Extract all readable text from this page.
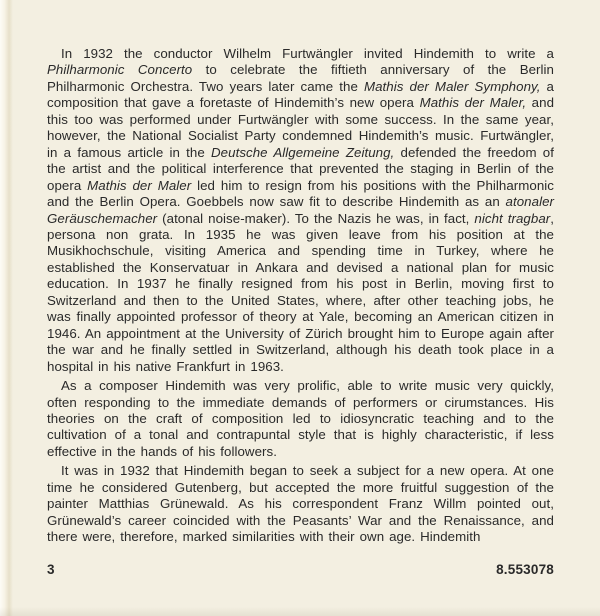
In 1932 the conductor Wilhelm Furtwängler invited Hindemith to write a Philharmonic Concerto to celebrate the fiftieth anniversary of the Berlin Philharmonic Orchestra. Two years later came the Mathis der Maler Symphony, a composition that gave a foretaste of Hindemith’s new opera Mathis der Maler, and this too was performed under Furtwängler with some success. In the same year, however, the National Socialist Party condemned Hindemith’s music. Furtwängler, in a famous article in the Deutsche Allgemeine Zeitung, defended the freedom of the artist and the political interference that prevented the staging in Berlin of the opera Mathis der Maler led him to resign from his positions with the Philharmonic and the Berlin Opera. Goebbels now saw fit to describe Hindemith as an atonaler Geräuschemacher (atonal noise-maker). To the Nazis he was, in fact, nicht tragbar, persona non grata. In 1935 he was given leave from his position at the Musikhochschule, visiting America and spending time in Turkey, where he established the Konservatuar in Ankara and devised a national plan for music education. In 1937 he finally resigned from his post in Berlin, moving first to Switzerland and then to the United States, where, after other teaching jobs, he was finally appointed professor of theory at Yale, becoming an American citizen in 1946. An appointment at the University of Zürich brought him to Europe again after the war and he finally settled in Switzerland, although his death took place in a hospital in his native Frankfurt in 1963.

As a composer Hindemith was very prolific, able to write music very quickly, often responding to the immediate demands of performers or cirumstances. His theories on the craft of composition led to idiosyncratic teaching and to the cultivation of a tonal and contrapuntal style that is highly characteristic, if less effective in the hands of his followers.

It was in 1932 that Hindemith began to seek a subject for a new opera. At one time he considered Gutenberg, but accepted the more fruitful suggestion of the painter Matthias Grünewald. As his correspondent Franz Willm pointed out, Grünewald’s career coincided with the Peasants’ War and the Renaissance, and there were, therefore, marked similarities with their own age. Hindemith

3	8.553078
